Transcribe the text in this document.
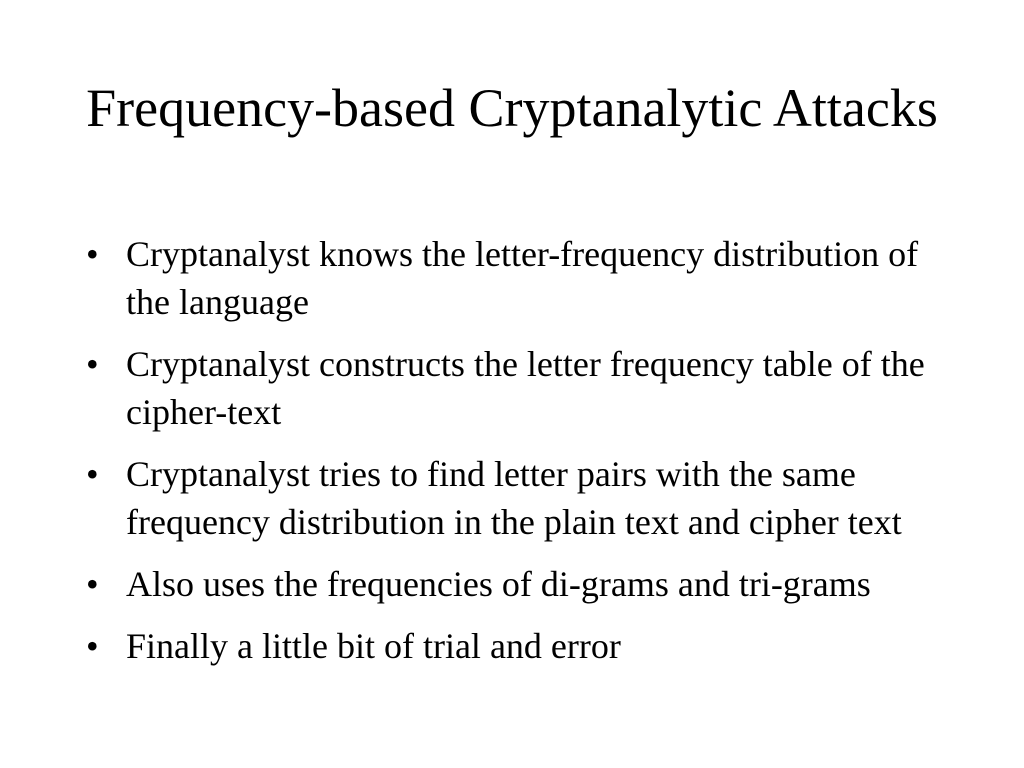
Frequency-based Cryptanalytic Attacks
• Cryptanalyst knows the letter-frequency distribution of the language
• Cryptanalyst constructs the letter frequency table of the cipher-text
• Cryptanalyst tries to find letter pairs with the same frequency distribution in the plain text and cipher text
• Also uses the frequencies of di-grams and tri-grams
• Finally a little bit of trial and error
